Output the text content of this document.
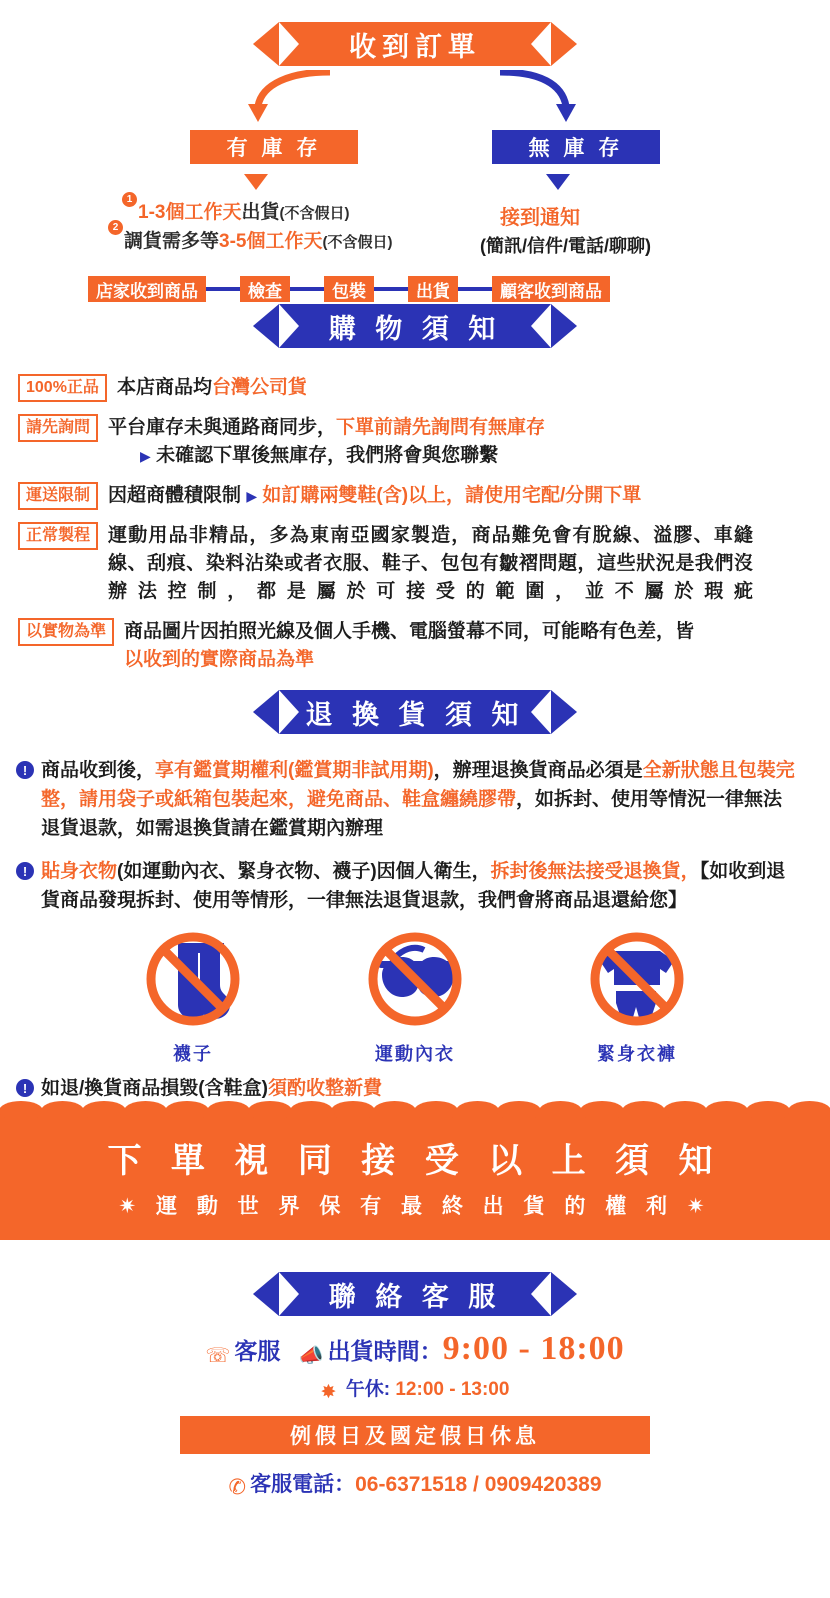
收到訂單
有 庫 存	無 庫 存
1
1-3個工作天出貨(不含假日)
2
調貨需多等3-5個工作天(不含假日)
接到通知
(簡訊/信件/電話/聊聊)
店家收到商品	檢查	包裝	出貨	顧客收到商品
購 物 須 知
100%正品 本店商品均台灣公司貨
請先詢問 平台庫存未與通路商同步，下單前請先詢問有無庫存
▶ 未確認下單後無庫存，我們將會與您聯繫
運送限制 因超商體積限制 ▶ 如訂購兩雙鞋(含)以上，請使用宅配/分開下單
正常製程 運動用品非精品，多為東南亞國家製造，商品難免會有脫線、溢膠、車縫線、刮痕、染料沾染或者衣服、鞋子、包包有皺褶問題，這些狀況是我們沒辦法控制，都是屬於可接受的範圍，並不屬於瑕疵
以實物為準 商品圖片因拍照光線及個人手機、電腦螢幕不同，可能略有色差，皆
以收到的實際商品為準
退 換 貨 須 知
! 商品收到後，享有鑑賞期權利(鑑賞期非試用期)，辦理退換貨商品必須是全新狀態且包裝完整，請用袋子或紙箱包裝起來，避免商品、鞋盒纏繞膠帶，如拆封、使用等情況一律無法退貨退款，如需退換貨請在鑑賞期內辦理
! 貼身衣物(如運動內衣、緊身衣物、襪子)因個人衛生，拆封後無法接受退換貨，【如收到退貨商品發現拆封、使用等情形，一律無法退貨退款，我們會將商品退還給您】
襪子	運動內衣	緊身衣褲
! 如退/換貨商品損毀(含鞋盒)須酌收整新費
下 單 視 同 接 受 以 上 須 知
✷ 運 動 世 界 保 有 最 終 出 貨 的 權 利 ✷
聯 絡 客 服
☏ 客服 📣 出貨時間：9:00 - 18:00
✸ 午休: 12:00 - 13:00
例假日及國定假日休息
✆ 客服電話：06-6371518 / 0909420389
